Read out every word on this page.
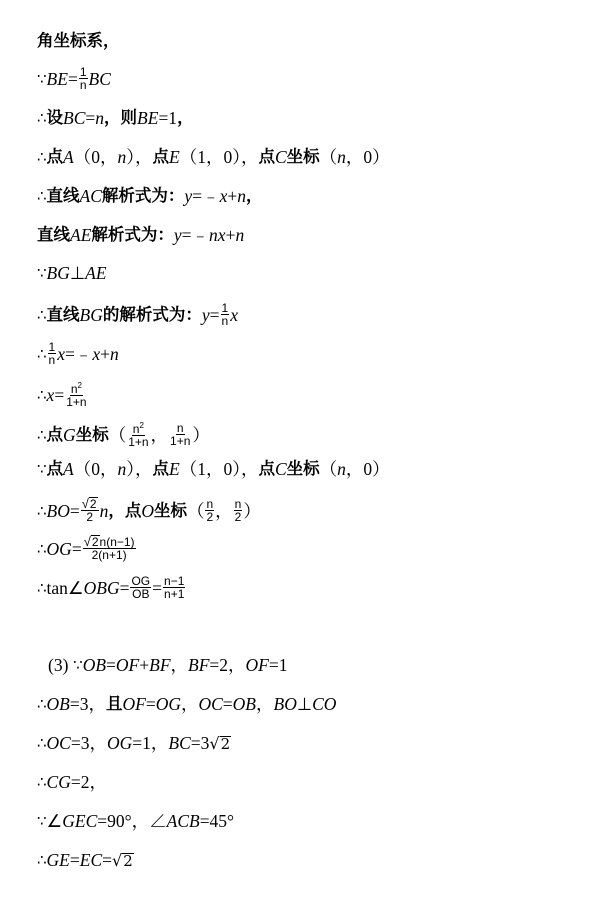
角坐标系，
∵ BE = $\frac{1}{n}$ BC
∴ 设 BC = n ，则 BE =1 ，
∴ 点 A （0， n ）， 点 E （1，0）， 点 C 坐标 （ n ，0）
∴ 直线 AC 解析式为： y =﹣ x + n ，
直线 AE 解析式为： y =﹣ nx + n
∵ BG ⊥ AE
∴ 直线 BG 的解析式为： $y = \frac{1}{n}$ x
∴ $\frac{1}{n}$ x =﹣ x + n
∴ $x = \frac{n^2}{1+n}$
∴ 点 G 坐标 （ $\frac{n^2}{1+n}$ ， $\frac{n}{1+n}$ ）
∵ 点 A （0， n ）， 点 E （1，0）， 点 C 坐标 （ n ，0）
∴ BO = $\frac{√ 2}{2}$ n ，点 O 坐标 （ $\frac{n}{2}$ ， $\frac{n}{2}$ ）
∴ OG = $\frac{√ 2 n(n-1)}{2(n+1)}$
∴ tan∠ OBG = $\frac{OG}{OB} = \frac{n-1}{n+1}$
(3) ∵ OB = OF + BF ， BF =2， OF =1
∴ OB =3， 且 OF = OG ， OC = OB ， BO ⊥ CO
∴ OC =3， OG =1， BC =3 √ 2
∴ CG =2，
∵ ∠ GEC =90°，∠ ACB =45°
∴ GE = EC = √ 2
